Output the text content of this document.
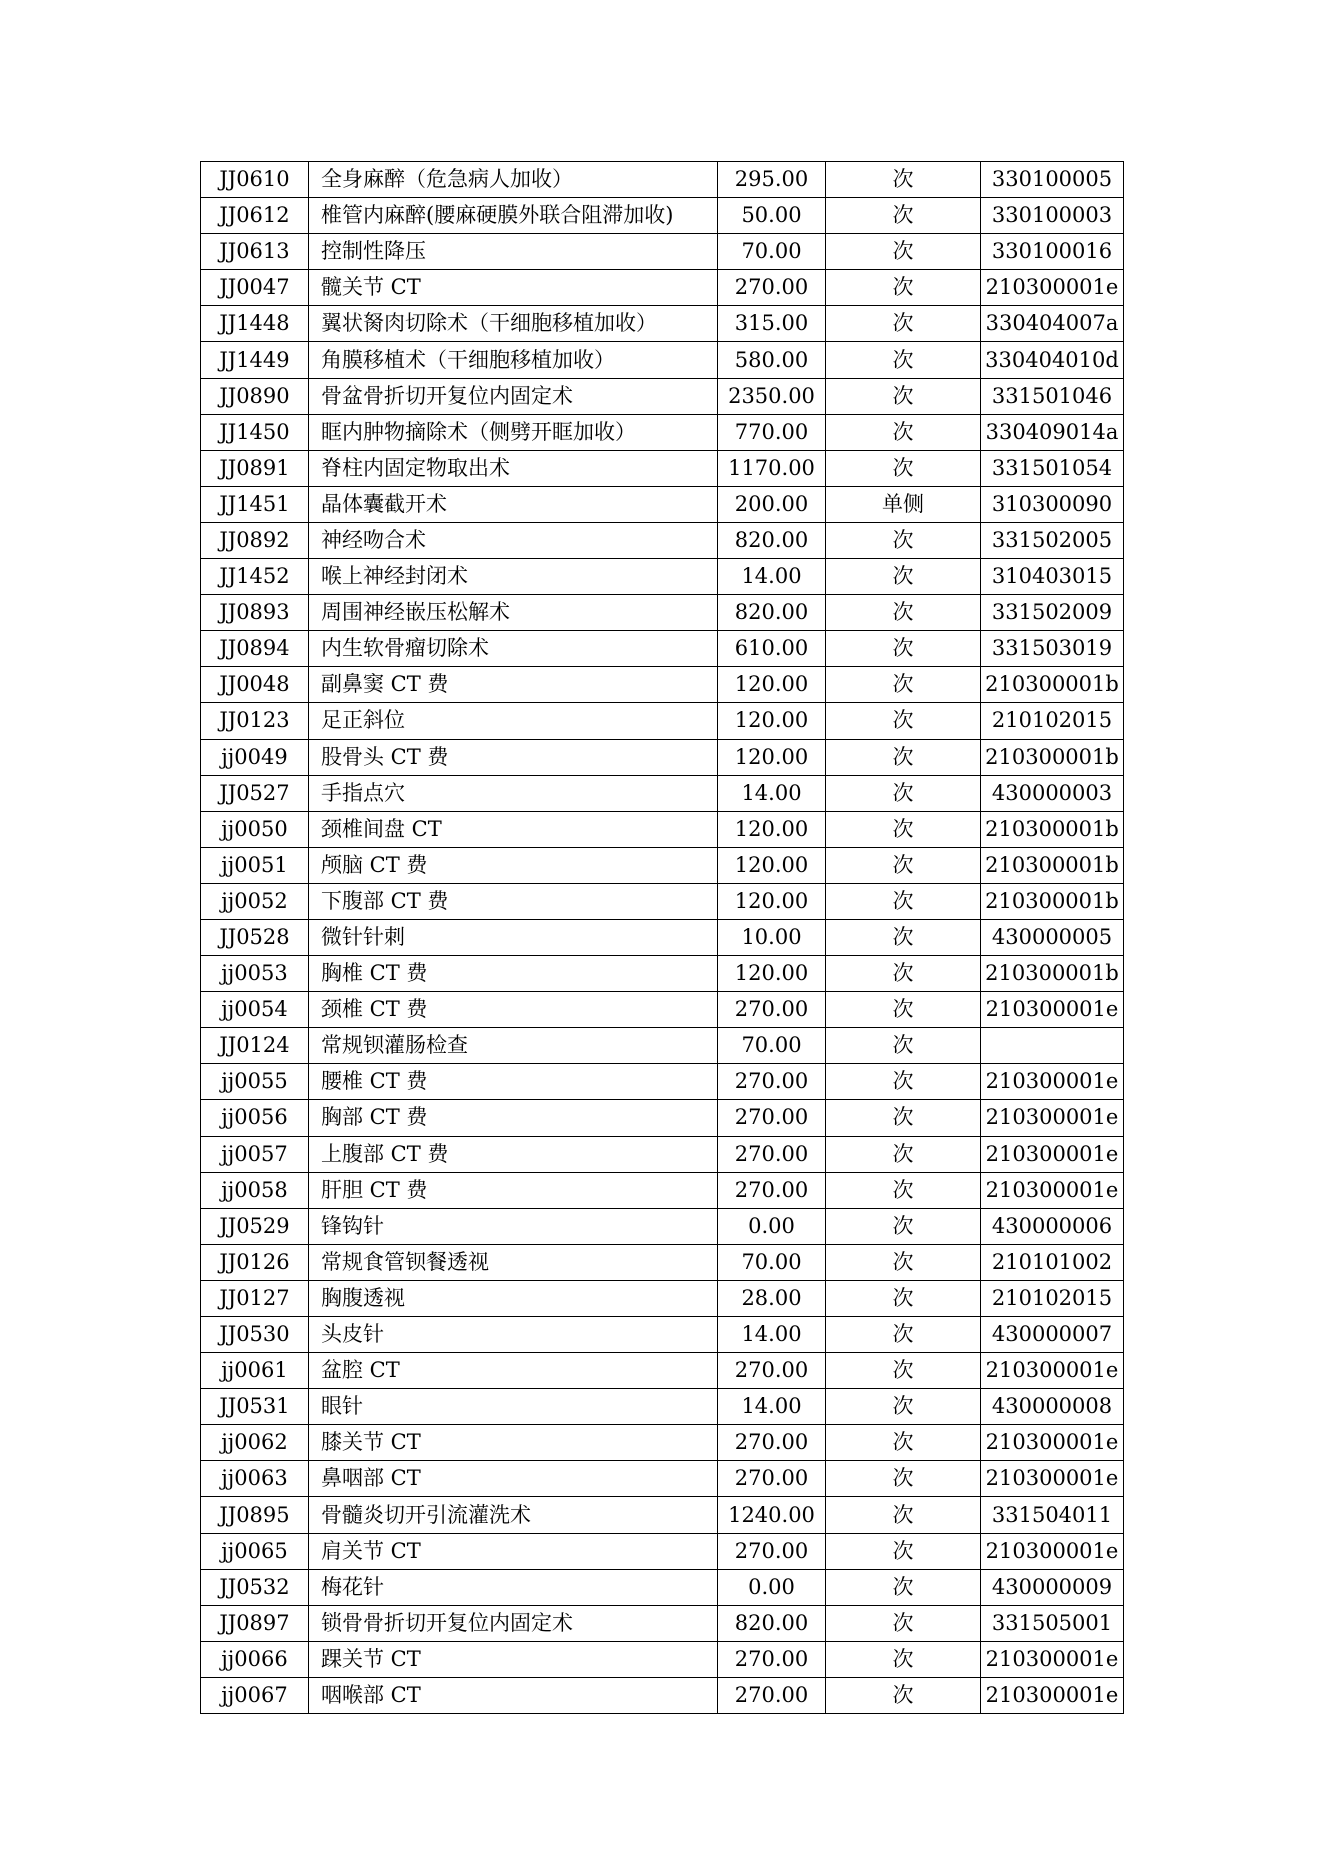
JJ0610	全身麻醉（危急病人加收）	295.00	次	330100005
JJ0612	椎管内麻醉(腰麻硬膜外联合阻滞加收)	50.00	次	330100003
JJ0613	控制性降压	70.00	次	330100016
JJ0047	髋关节 CT	270.00	次	210300001e
JJ1448	翼状胬肉切除术（干细胞移植加收）	315.00	次	330404007a
JJ1449	角膜移植术（干细胞移植加收）	580.00	次	330404010d
JJ0890	骨盆骨折切开复位内固定术	2350.00	次	331501046
JJ1450	眶内肿物摘除术（侧劈开眶加收）	770.00	次	330409014a
JJ0891	脊柱内固定物取出术	1170.00	次	331501054
JJ1451	晶体囊截开术	200.00	单侧	310300090
JJ0892	神经吻合术	820.00	次	331502005
JJ1452	喉上神经封闭术	14.00	次	310403015
JJ0893	周围神经嵌压松解术	820.00	次	331502009
JJ0894	内生软骨瘤切除术	610.00	次	331503019
JJ0048	副鼻窦 CT 费	120.00	次	210300001b
JJ0123	足正斜位	120.00	次	210102015
jj0049	股骨头 CT 费	120.00	次	210300001b
JJ0527	手指点穴	14.00	次	430000003
jj0050	颈椎间盘 CT	120.00	次	210300001b
jj0051	颅脑 CT 费	120.00	次	210300001b
jj0052	下腹部 CT 费	120.00	次	210300001b
JJ0528	微针针刺	10.00	次	430000005
jj0053	胸椎 CT 费	120.00	次	210300001b
jj0054	颈椎 CT 费	270.00	次	210300001e
JJ0124	常规钡灌肠检查	70.00	次	
jj0055	腰椎 CT 费	270.00	次	210300001e
jj0056	胸部 CT 费	270.00	次	210300001e
jj0057	上腹部 CT 费	270.00	次	210300001e
jj0058	肝胆 CT 费	270.00	次	210300001e
JJ0529	锋钩针	0.00	次	430000006
JJ0126	常规食管钡餐透视	70.00	次	210101002
JJ0127	胸腹透视	28.00	次	210102015
JJ0530	头皮针	14.00	次	430000007
jj0061	盆腔 CT	270.00	次	210300001e
JJ0531	眼针	14.00	次	430000008
jj0062	膝关节 CT	270.00	次	210300001e
jj0063	鼻咽部 CT	270.00	次	210300001e
JJ0895	骨髓炎切开引流灌洗术	1240.00	次	331504011
jj0065	肩关节 CT	270.00	次	210300001e
JJ0532	梅花针	0.00	次	430000009
JJ0897	锁骨骨折切开复位内固定术	820.00	次	331505001
jj0066	踝关节 CT	270.00	次	210300001e
jj0067	咽喉部 CT	270.00	次	210300001e
